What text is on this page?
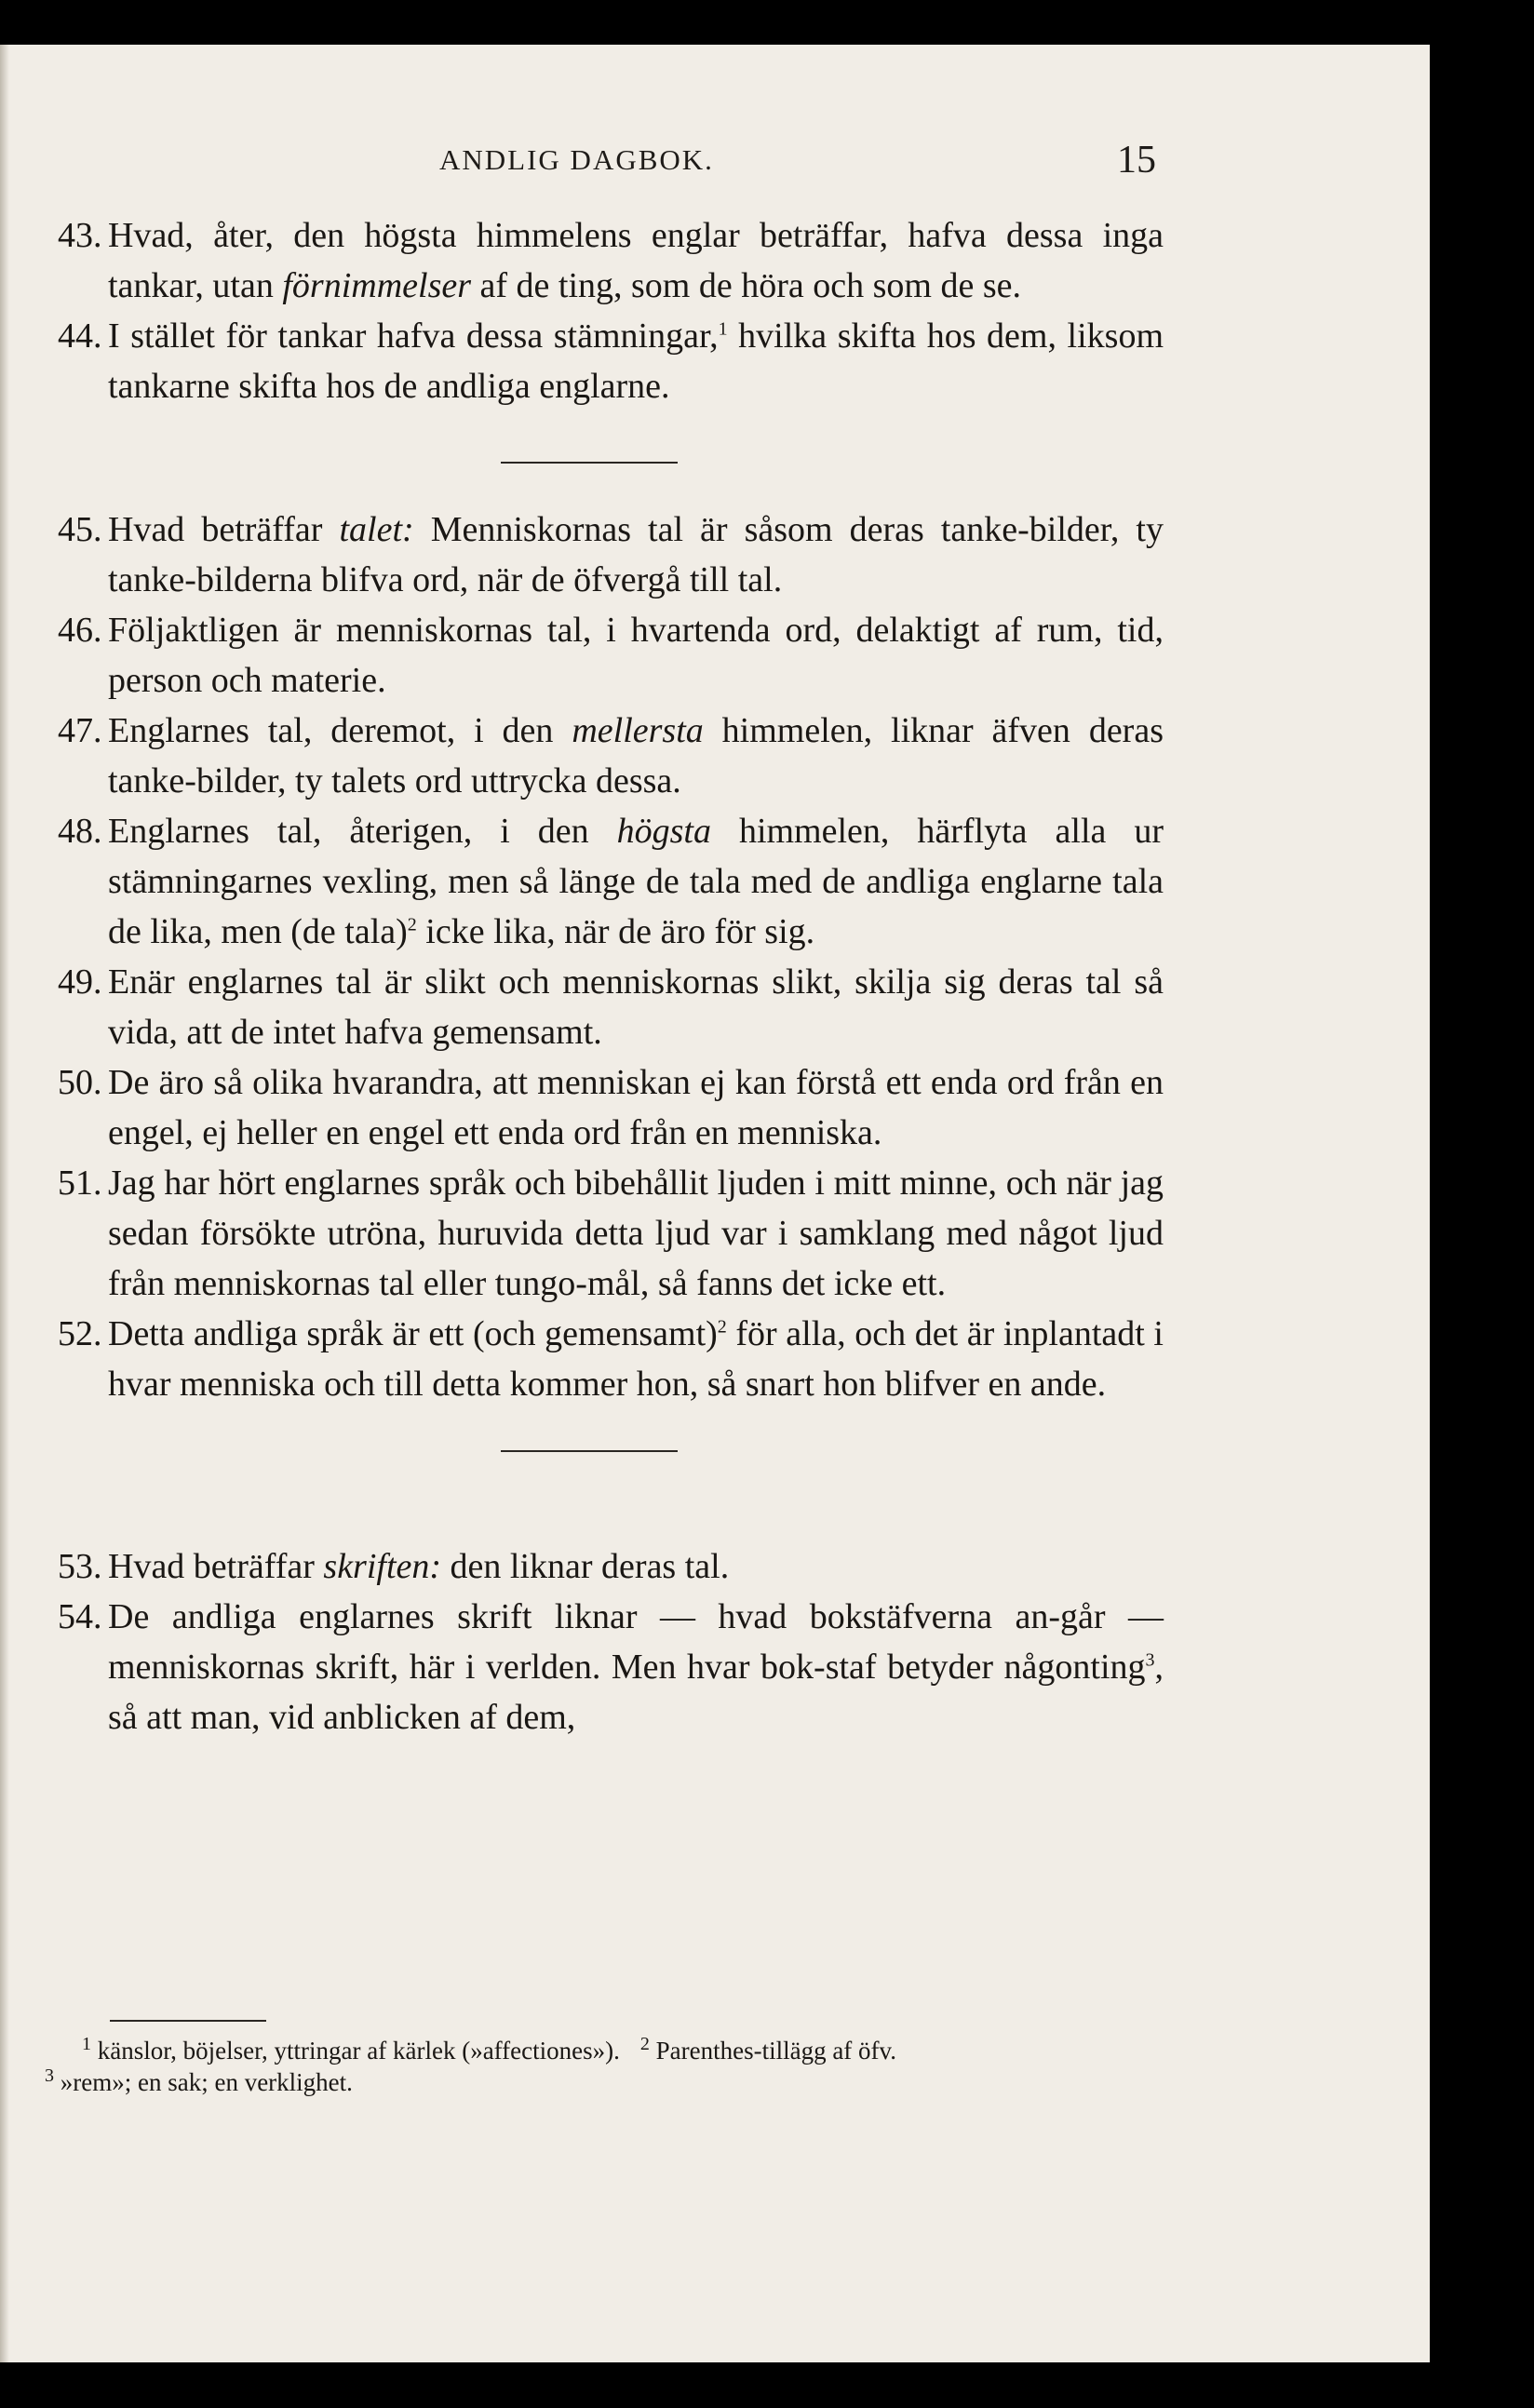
ANDLIG DAGBOK.	15

43. Hvad, åter, den högsta himmelens englar beträffar, hafva dessa inga tankar, utan förnimmelser af de ting, som de höra och som de se.

44. I stället för tankar hafva dessa stämningar,$^1$ hvilka skifta hos dem, liksom tankarne skifta hos de andliga englarne.

45. Hvad beträffar talet: Menniskornas tal är såsom deras tanke-bilder, ty tanke-bilderna blifva ord, när de öfvergå till tal.

46. Följaktligen är menniskornas tal, i hvartenda ord, delaktigt af rum, tid, person och materie.

47. Englarnes tal, deremot, i den mellersta himmelen, liknar äfven deras tanke-bilder, ty talets ord uttrycka dessa.

48. Englarnes tal, återigen, i den högsta himmelen, härflyta alla ur stämningarnes vexling, men så länge de tala med de andliga englarne tala de lika, men (de tala)$^2$ icke lika, när de äro för sig.

49. Enär englarnes tal är slikt och menniskornas slikt, skilja sig deras tal så vida, att de intet hafva gemensamt.

50. De äro så olika hvarandra, att menniskan ej kan förstå ett enda ord från en engel, ej heller en engel ett enda ord från en menniska.

51. Jag har hört englarnes språk och bibehållit ljuden i mitt minne, och när jag sedan försökte utröna, huruvida detta ljud var i samklang med något ljud från menniskornas tal eller tungo-mål, så fanns det icke ett.

52. Detta andliga språk är ett (och gemensamt)$^2$ för alla, och det är inplantadt i hvar menniska och till detta kommer hon, så snart hon blifver en ande.

53. Hvad beträffar skriften: den liknar deras tal.

54. De andliga englarnes skrift liknar — hvad bokstäfverna an-går — menniskornas skrift, här i verlden. Men hvar bok-staf betyder någonting$^3$, så att man, vid anblicken af dem,

$^1$ känslor, böjelser, yttringar af kärlek (»affectiones»). $^2$ Parenthes-tillägg af öfv.
$^3$ »rem»; en sak; en verklighet.
